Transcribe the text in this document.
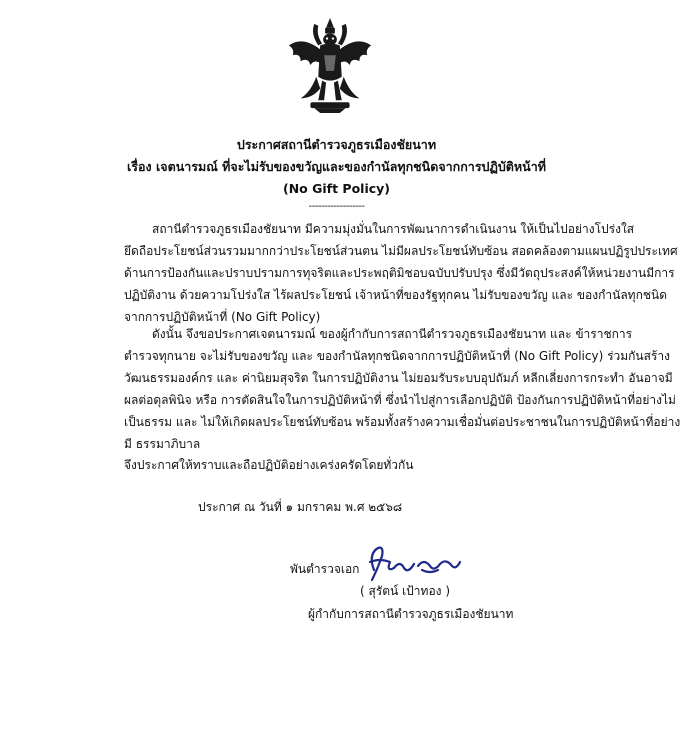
ประกาศสถานีตำรวจภูธรเมืองชัยนาท
เรื่อง เจตนารมณ์ ที่จะไม่รับของขวัญและของกำนัลทุกชนิดจากการปฏิบัติหน้าที่
(No Gift Policy)
------------------
สถานีตำรวจภูธรเมืองชัยนาท มีความมุ่งมั่นในการพัฒนาการดำเนินงาน ให้เป็นไปอย่างโปร่งใส
ยึดถือประโยชน์ส่วนรวมมากกว่าประโยชน์ส่วนตน ไม่มีผลประโยชน์ทับซ้อน สอดคล้องตามแผนปฏิรูปประเทศ
ด้านการป้องกันและปราบปรามการทุจริตและประพฤติมิชอบฉบับปรับปรุง ซึ่งมีวัตถุประสงค์ให้หน่วยงานมีการ
ปฏิบัติงาน ด้วยความโปร่งใส ไร้ผลประโยชน์ เจ้าหน้าที่ของรัฐทุกคน ไม่รับของขวัญ และ ของกำนัลทุกชนิด
จากการปฏิบัติหน้าที่ (No Gift Policy)
ดังนั้น จึงขอประกาศเจตนารมณ์ ของผู้กำกับการสถานีตำรวจภูธรเมืองชัยนาท และ ข้าราชการ
ตำรวจทุกนาย จะไม่รับของขวัญ และ ของกำนัลทุกชนิดจากการปฏิบัติหน้าที่ (No Gift Policy) ร่วมกันสร้าง
วัฒนธรรมองค์กร และ ค่านิยมสุจริต ในการปฏิบัติงาน ไม่ยอมรับระบบอุปถัมภ์ หลีกเลี่ยงการกระทำ อันอาจมี
ผลต่อดุลพินิจ หรือ การตัดสินใจในการปฏิบัติหน้าที่ ซึ่งนำไปสู่การเลือกปฏิบัติ ป้องกันการปฏิบัติหน้าที่อย่างไม่
เป็นธรรม และ ไม่ให้เกิดผลประโยชน์ทับซ้อน พร้อมทั้งสร้างความเชื่อมั่นต่อประชาชนในการปฏิบัติหน้าที่อย่าง
มี ธรรมาภิบาล
จึงประกาศให้ทราบและถือปฏิบัติอย่างเคร่งครัดโดยทั่วกัน
ประกาศ ณ วันที่ ๑ มกราคม พ.ศ ๒๕๖๘
พันตำรวจเอก
( สุรัตน์ เป้าทอง )
ผู้กำกับการสถานีตำรวจภูธรเมืองชัยนาท
